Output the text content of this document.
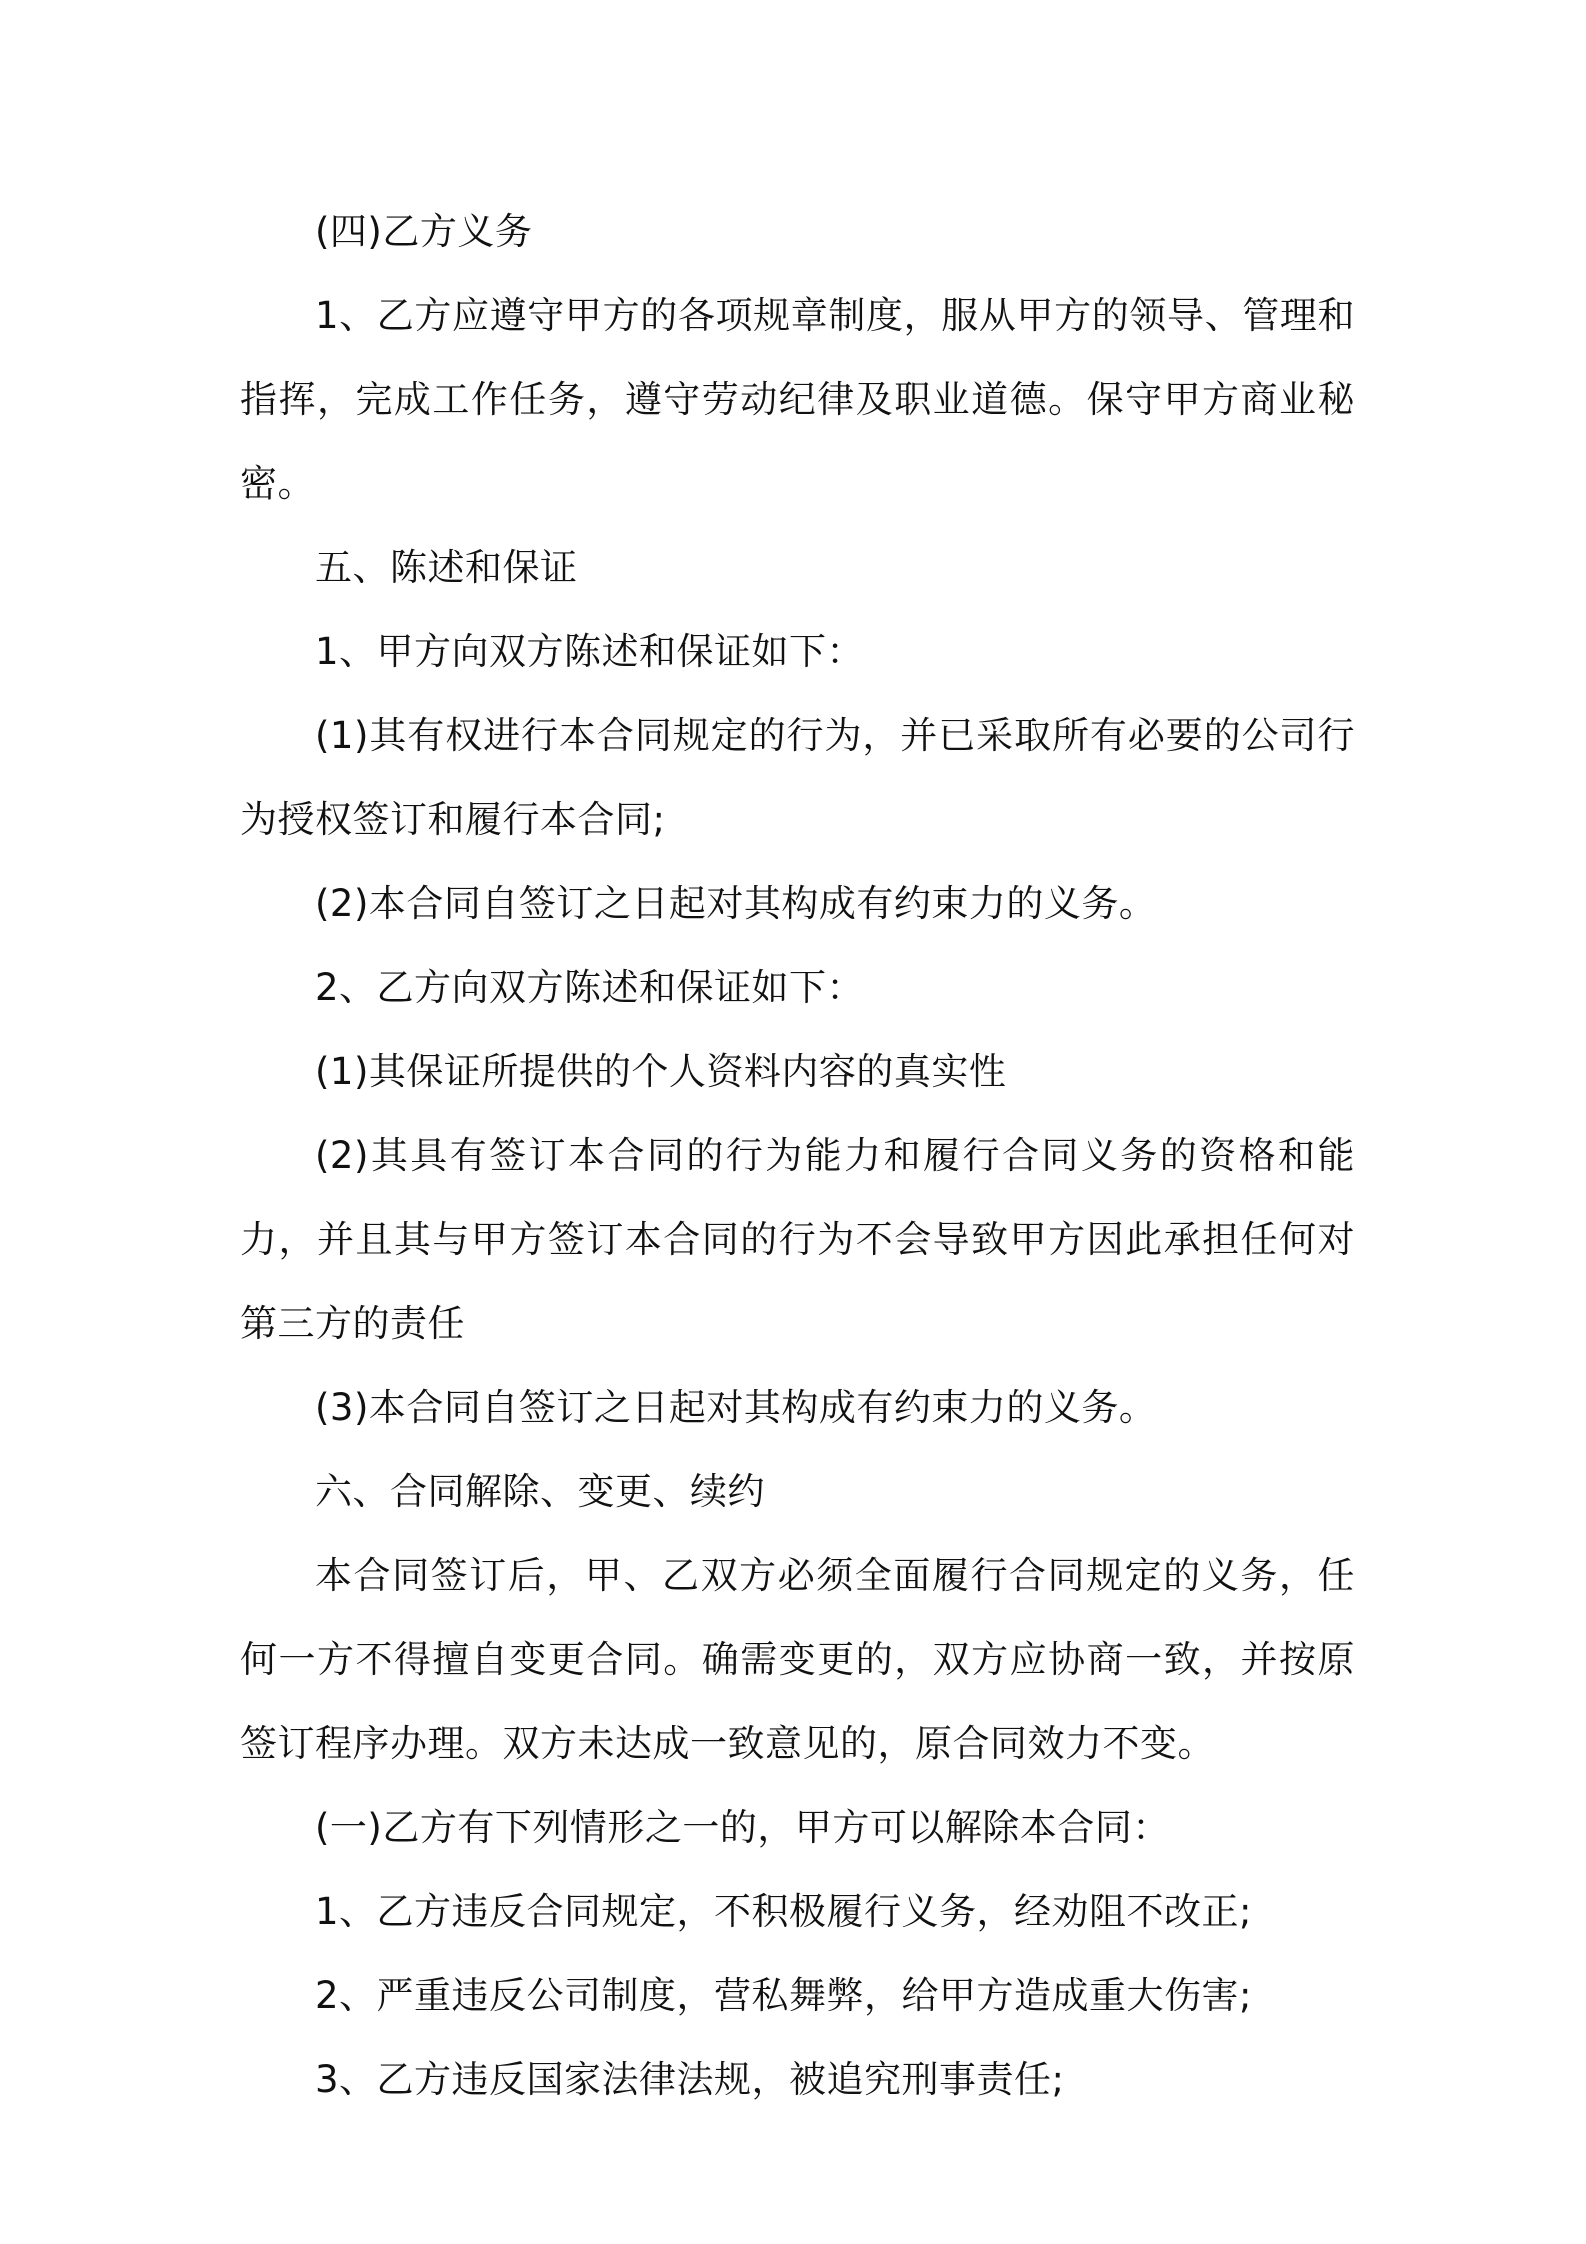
(四)乙方义务

1、乙方应遵守甲方的各项规章制度，服从甲方的领导、管理和指挥，完成工作任务，遵守劳动纪律及职业道德。保守甲方商业秘密。

五、陈述和保证

1、甲方向双方陈述和保证如下：

(1)其有权进行本合同规定的行为，并已采取所有必要的公司行为授权签订和履行本合同;

(2)本合同自签订之日起对其构成有约束力的义务。

2、乙方向双方陈述和保证如下：

(1)其保证所提供的个人资料内容的真实性

(2)其具有签订本合同的行为能力和履行合同义务的资格和能力，并且其与甲方签订本合同的行为不会导致甲方因此承担任何对第三方的责任

(3)本合同自签订之日起对其构成有约束力的义务。

六、合同解除、变更、续约

本合同签订后，甲、乙双方必须全面履行合同规定的义务，任何一方不得擅自变更合同。确需变更的，双方应协商一致，并按原签订程序办理。双方未达成一致意见的，原合同效力不变。

(一)乙方有下列情形之一的，甲方可以解除本合同：

1、乙方违反合同规定，不积极履行义务，经劝阻不改正;

2、严重违反公司制度，营私舞弊，给甲方造成重大伤害;

3、乙方违反国家法律法规，被追究刑事责任;
